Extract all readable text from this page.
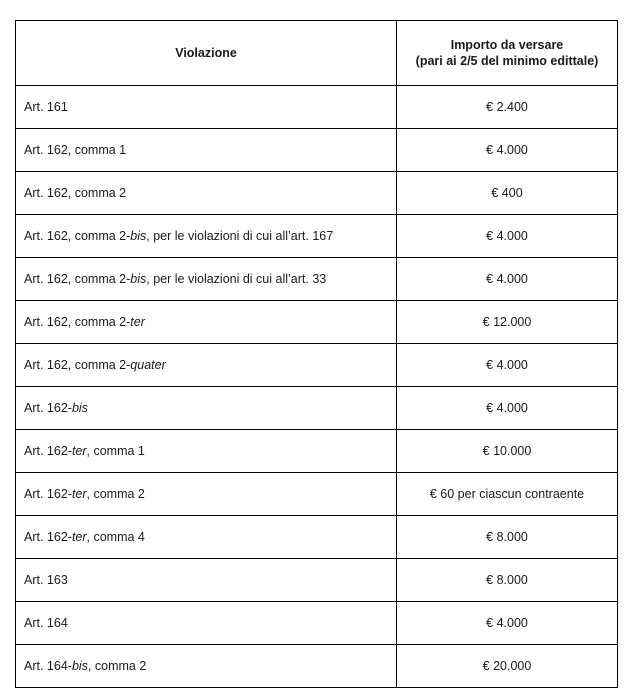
Violazione	Importo da versare
(pari ai 2/5 del minimo edittale)

Art. 161	€ 2.400
Art. 162, comma 1	€ 4.000
Art. 162, comma 2	€ 400
Art. 162, comma 2-bis, per le violazioni di cui all’art. 167	€ 4.000
Art. 162, comma 2-bis, per le violazioni di cui all’art. 33	€ 4.000
Art. 162, comma 2-ter	€ 12.000
Art. 162, comma 2-quater	€ 4.000
Art. 162-bis	€ 4.000
Art. 162-ter, comma 1	€ 10.000
Art. 162-ter, comma 2	€ 60 per ciascun contraente
Art. 162-ter, comma 4	€ 8.000
Art. 163	€ 8.000
Art. 164	€ 4.000
Art. 164-bis, comma 2	€ 20.000
